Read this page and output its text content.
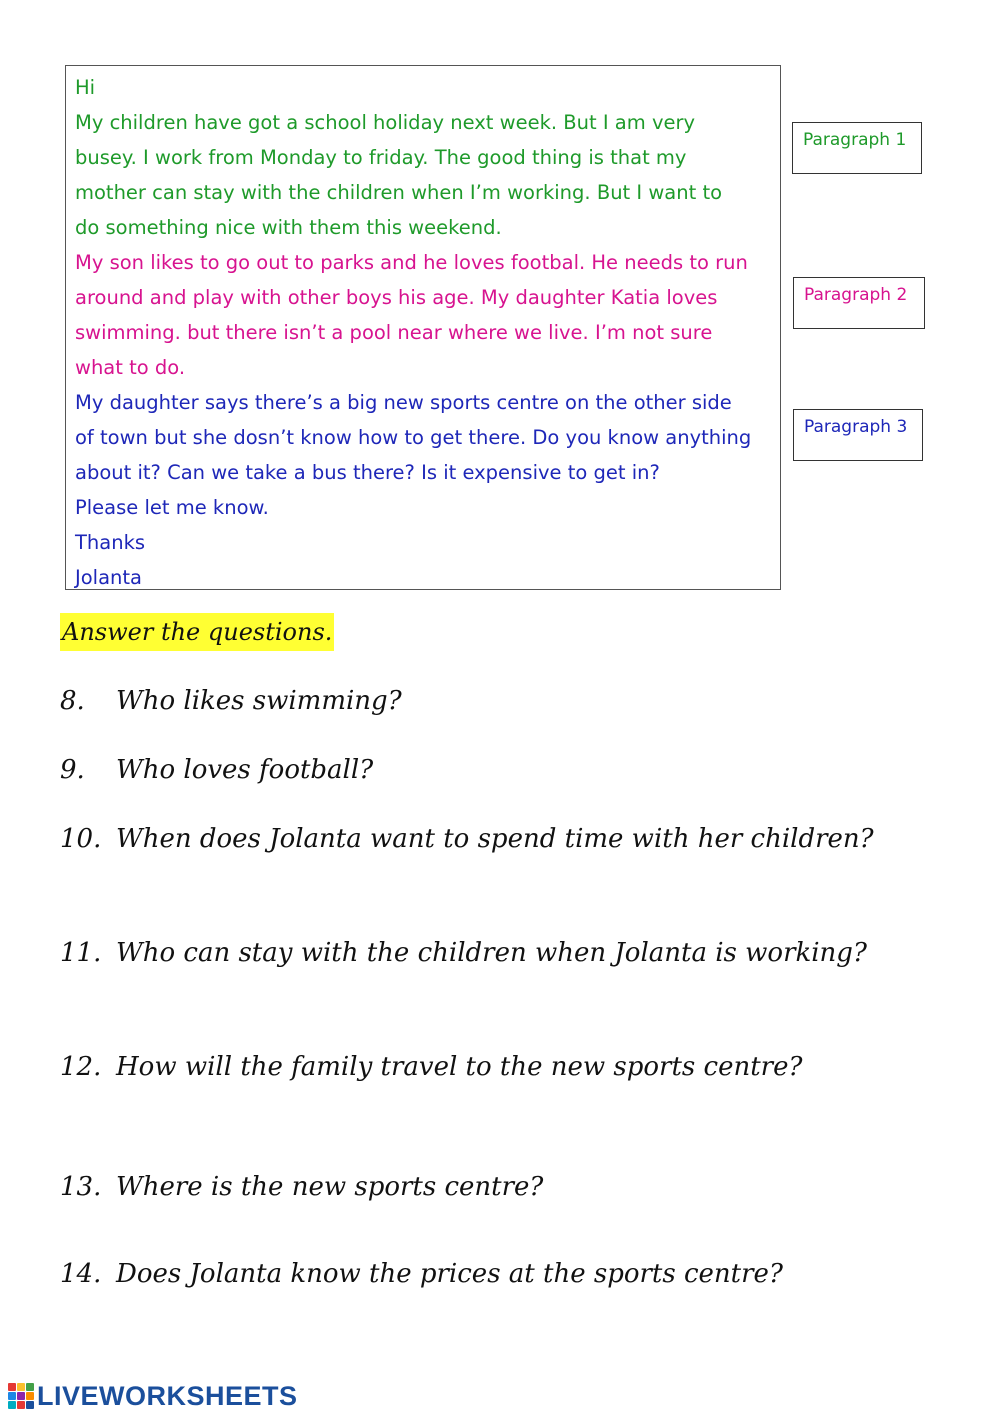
Hi
My children have got a school holiday next week. But I am very
busey. I work from Monday to friday. The good thing is that my
mother can stay with the children when I’m working. But I want to
do something nice with them this weekend.
My son likes to go out to parks and he loves footbal. He needs to run
around and play with other boys his age. My daughter Katia loves
swimming. but there isn’t a pool near where we live. I’m not sure
what to do.
My daughter says there’s a big new sports centre on the other side
of town but she dosn’t know how to get there. Do you know anything
about it? Can we take a bus there? Is it expensive to get in?
Please let me know.
Thanks
Jolanta
Paragraph 1
Paragraph 2
Paragraph 3
Answer the questions.
8. Who likes swimming?
9. Who loves football?
10. When does Jolanta want to spend time with her children?
11. Who can stay with the children when Jolanta is working?
12. How will the family travel to the new sports centre?
13. Where is the new sports centre?
14. Does Jolanta know the prices at the sports centre?
LIVEWORKSHEETS
